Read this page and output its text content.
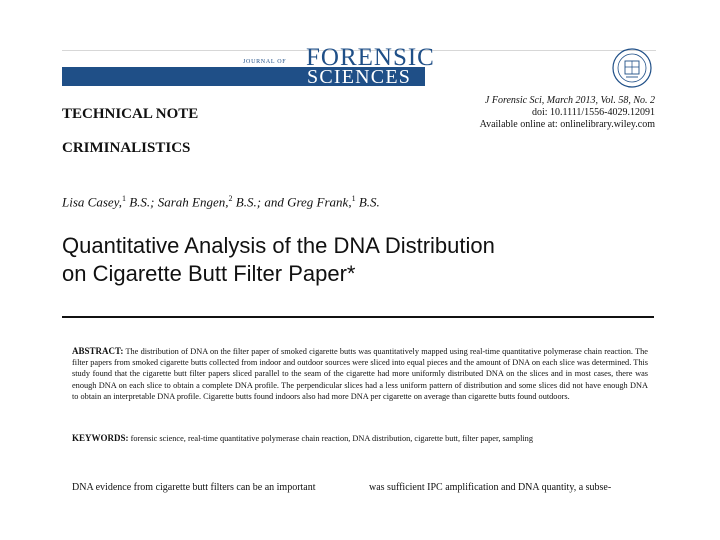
JOURNAL OF FORENSIC
SCIENCES
TECHNICAL NOTE
CRIMINALISTICS
J Forensic Sci, March 2013, Vol. 58, No. 2
doi: 10.1111/1556-4029.12091
Available online at: onlinelibrary.wiley.com
Lisa Casey,$^1$ B.S.; Sarah Engen,$^2$ B.S.; and Greg Frank,$^1$ B.S.
Quantitative Analysis of the DNA Distribution
on Cigarette Butt Filter Paper*
ABSTRACT: The distribution of DNA on the filter paper of smoked cigarette butts was quantitatively mapped using real-time quantitative polymerase chain reaction. The filter papers from smoked cigarette butts collected from indoor and outdoor sources were sliced into equal pieces and the amount of DNA on each slice was determined. This study found that the cigarette butt filter papers sliced parallel to the seam of the cigarette had more uniformly distributed DNA on the slices and in most cases, there was enough DNA on each slice to obtain a complete DNA profile. The perpendicular slices had a less uniform pattern of distribution and some slices did not have enough DNA to obtain an interpretable DNA profile. Cigarette butts found indoors also had more DNA per cigarette on average than cigarette butts found outdoors.
KEYWORDS: forensic science, real-time quantitative polymerase chain reaction, DNA distribution, cigarette butt, filter paper, sampling
DNA evidence from cigarette butt filters can be an important	was sufficient IPC amplification and DNA quantity, a subse-
